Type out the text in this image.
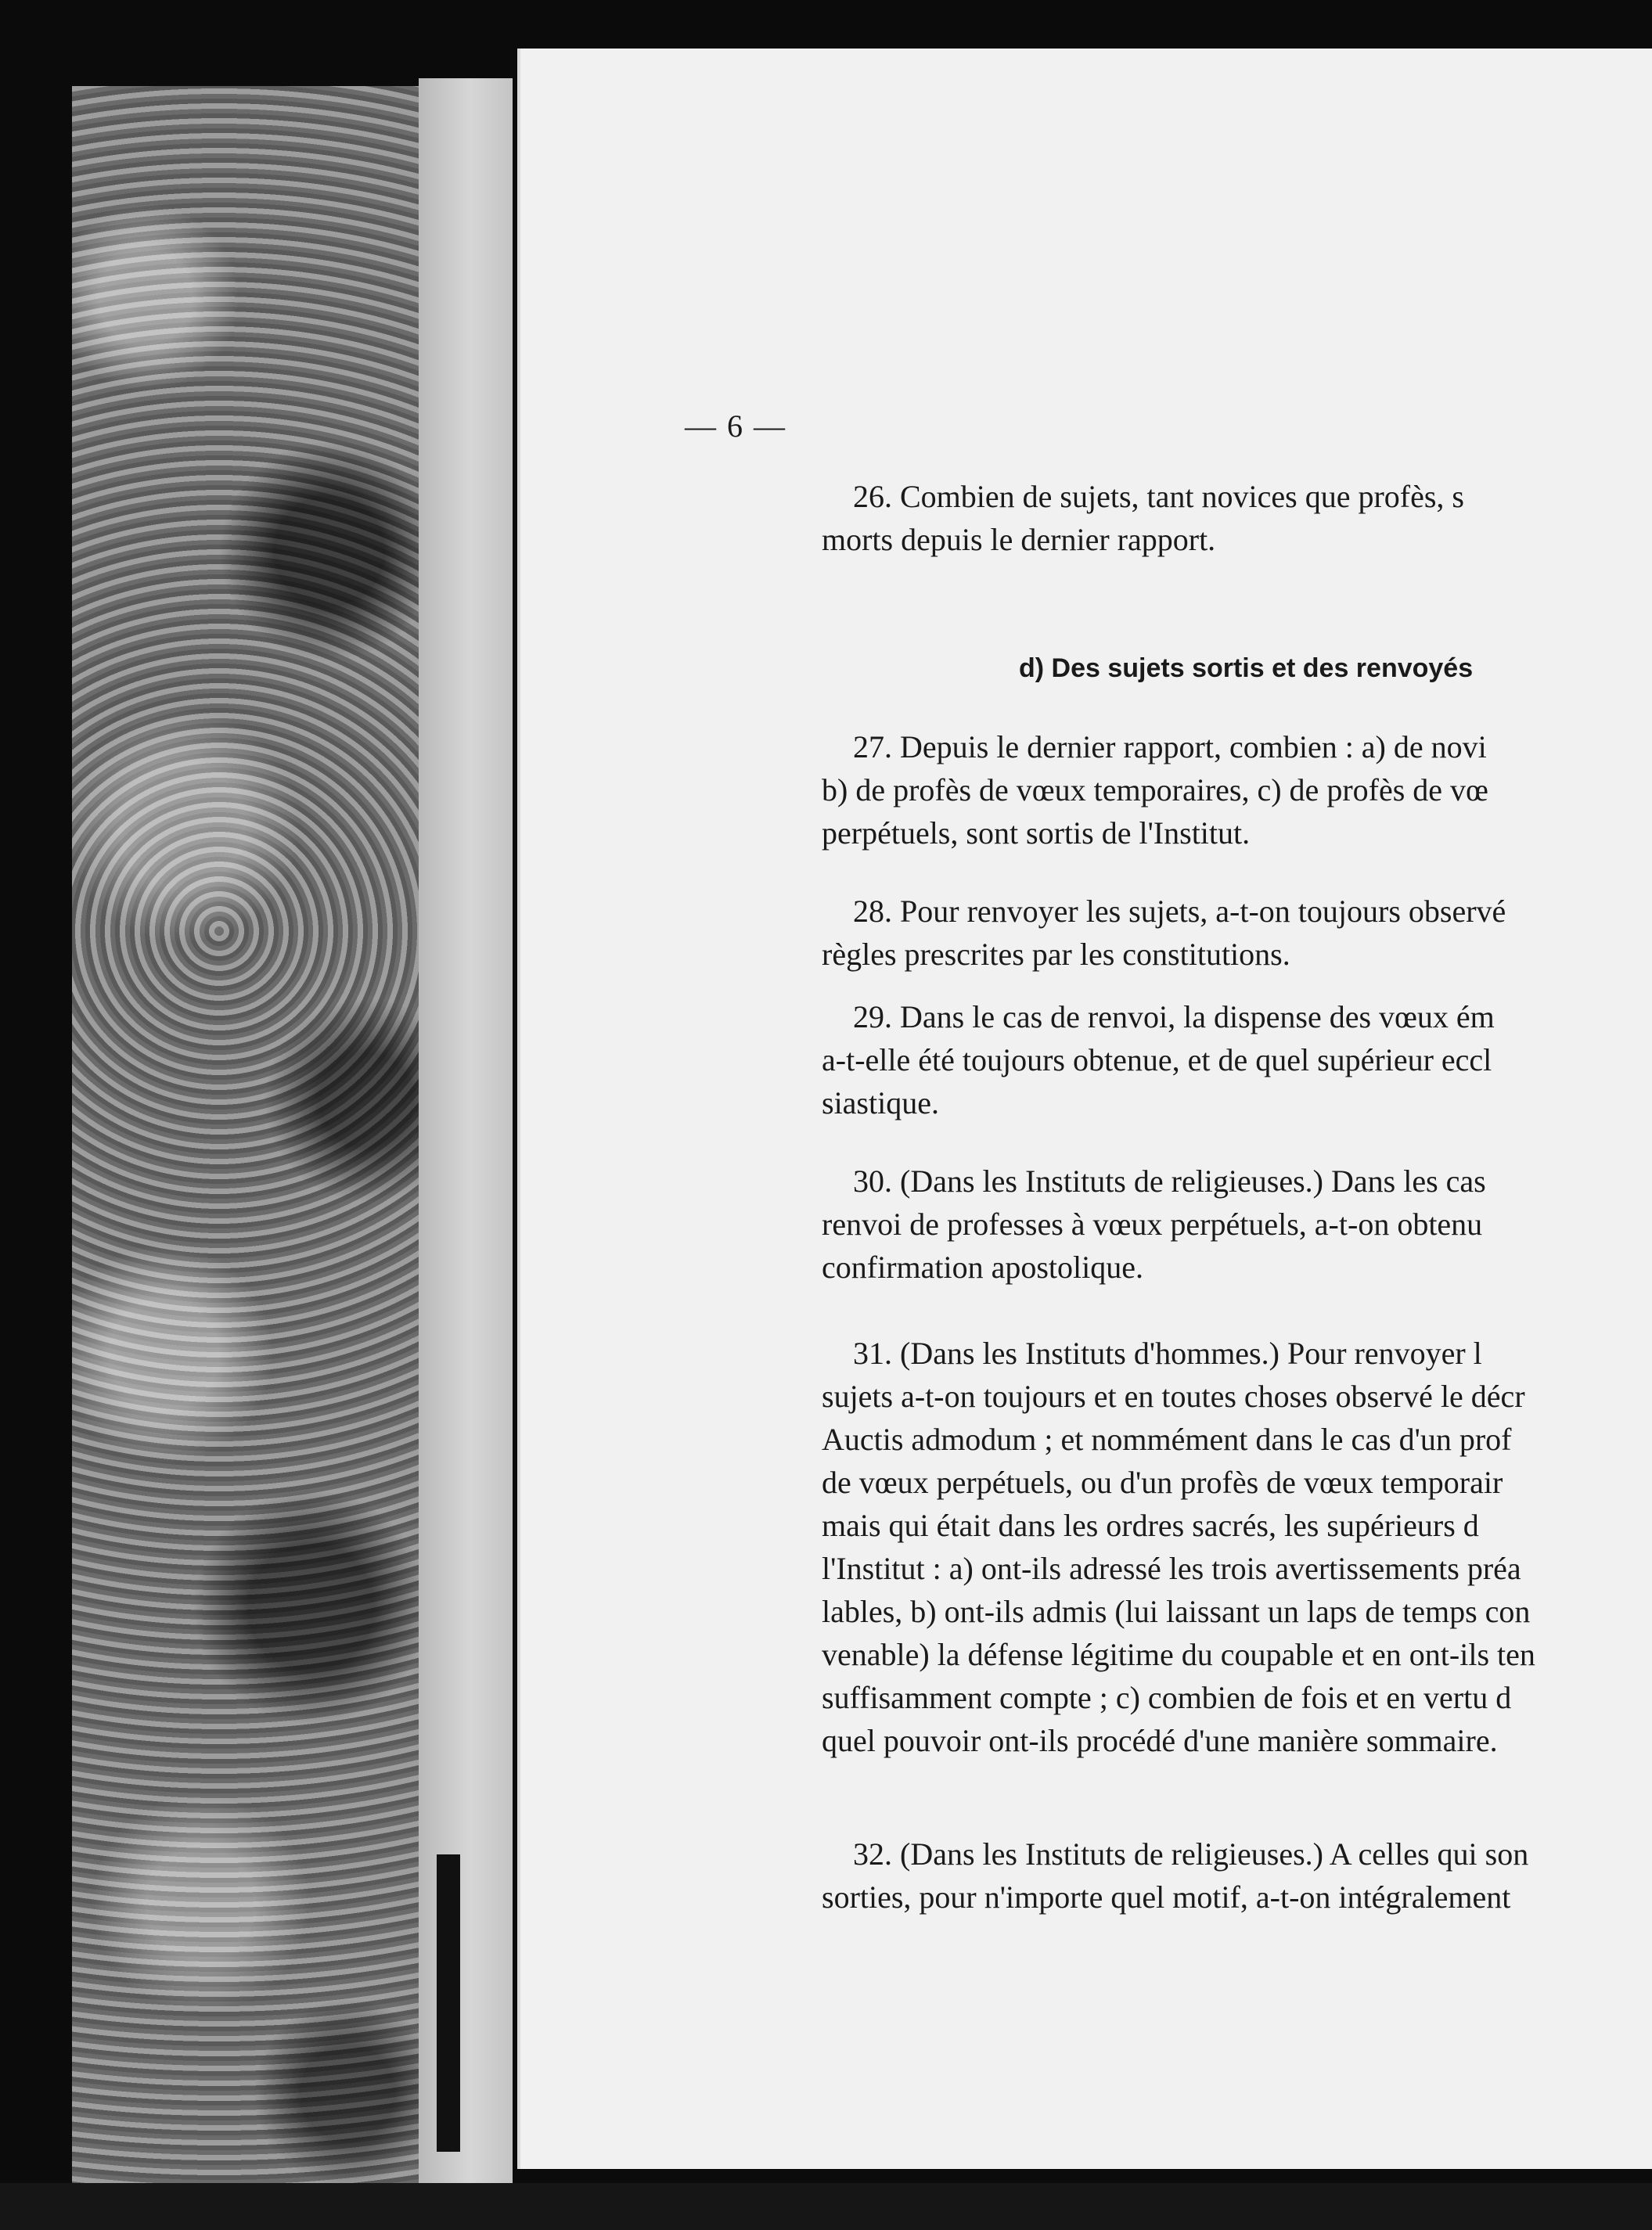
— 6 —
26. Combien de sujets, tant novices que profès, s
morts depuis le dernier rapport.
d) Des sujets sortis et des renvoyés
27. Depuis le dernier rapport, combien : a) de novi
b) de profès de vœux temporaires, c) de profès de vœ
perpétuels, sont sortis de l'Institut.
28. Pour renvoyer les sujets, a-t-on toujours observé
règles prescrites par les constitutions.
29. Dans le cas de renvoi, la dispense des vœux ém
a-t-elle été toujours obtenue, et de quel supérieur eccl
siastique.
30. (Dans les Instituts de religieuses.) Dans les cas
renvoi de professes à vœux perpétuels, a-t-on obtenu
confirmation apostolique.
31. (Dans les Instituts d'hommes.) Pour renvoyer l
sujets a-t-on toujours et en toutes choses observé le décr
Auctis admodum ; et nommément dans le cas d'un prof
de vœux perpétuels, ou d'un profès de vœux temporair
mais qui était dans les ordres sacrés, les supérieurs d
l'Institut : a) ont-ils adressé les trois avertissements préa
lables, b) ont-ils admis (lui laissant un laps de temps con
venable) la défense légitime du coupable et en ont-ils ten
suffisamment compte ; c) combien de fois et en vertu d
quel pouvoir ont-ils procédé d'une manière sommaire.
32. (Dans les Instituts de religieuses.) A celles qui son
sorties, pour n'importe quel motif, a-t-on intégralement
